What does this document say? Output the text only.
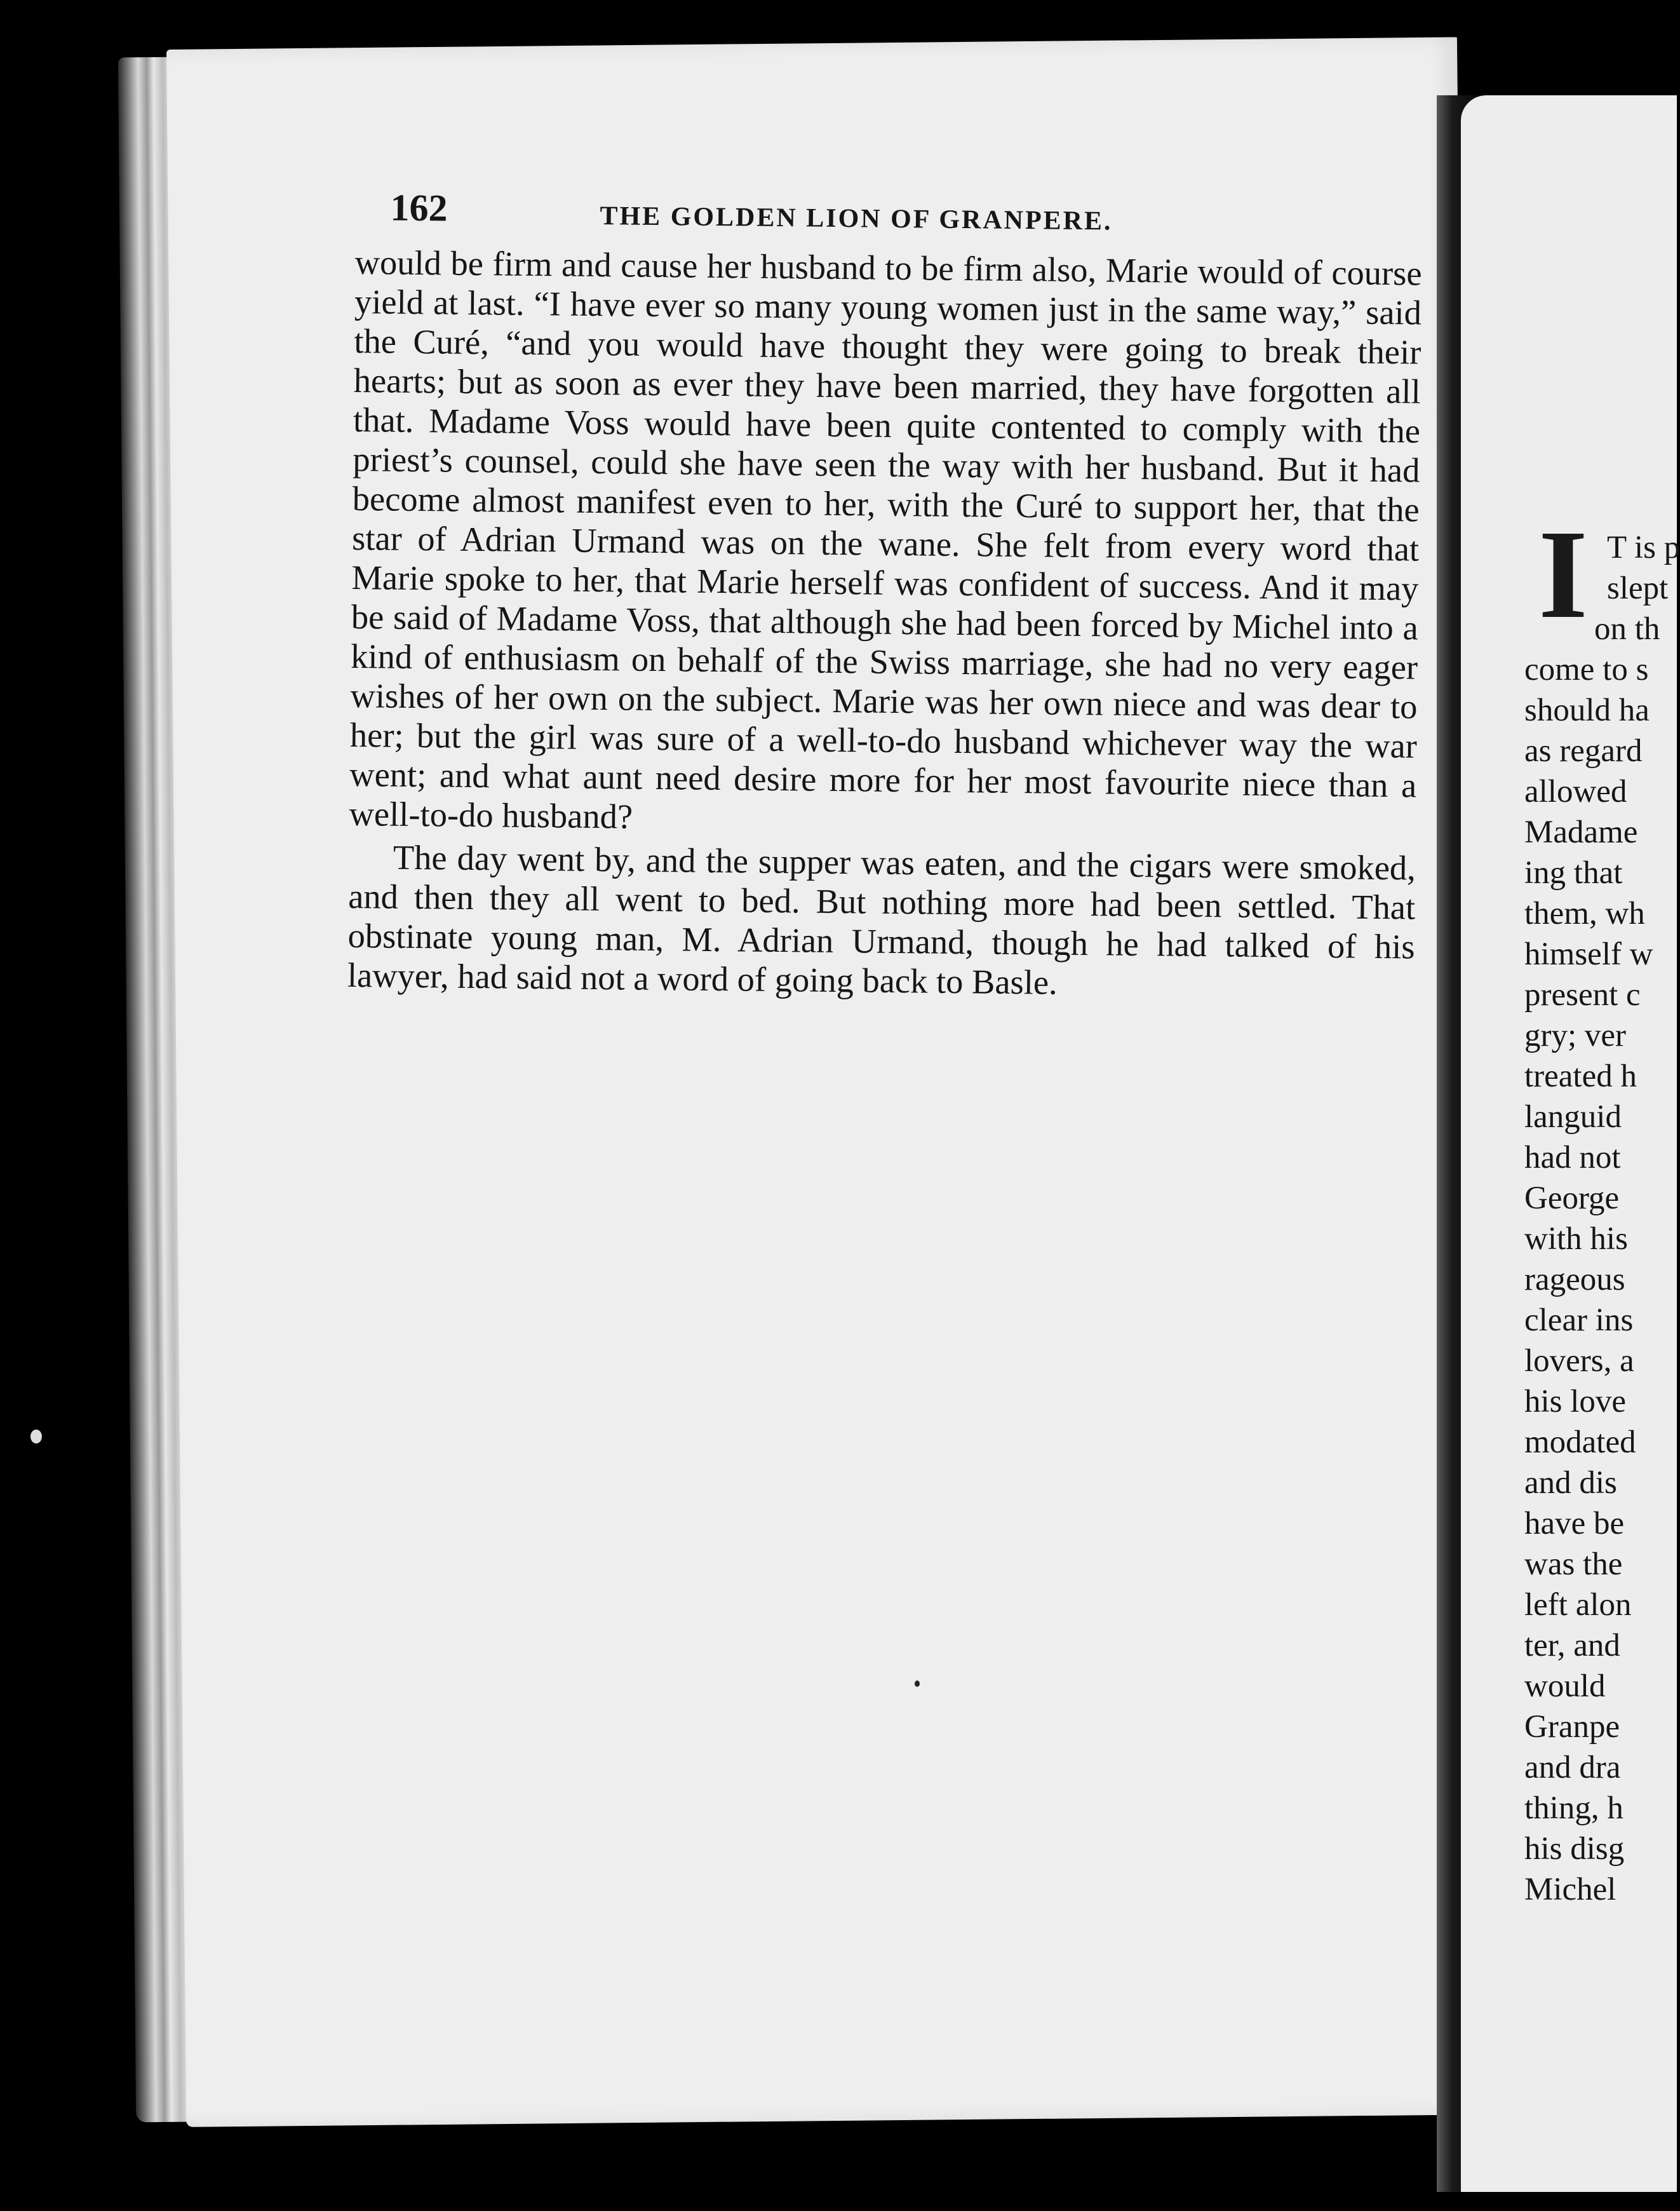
162	THE GOLDEN LION OF GRANPERE.

would be firm and cause her husband to be firm also, Marie would of course yield at last. “I have ever so many young women just in the same way,” said the Curé, “and you would have thought they were going to break their hearts; but as soon as ever they have been married, they have forgotten all that. Madame Voss would have been quite contented to comply with the priest’s counsel, could she have seen the way with her husband. But it had become almost manifest even to her, with the Curé to support her, that the star of Adrian Urmand was on the wane. She felt from every word that Marie spoke to her, that Marie herself was confident of success. And it may be said of Madame Voss, that although she had been forced by Michel into a kind of enthusiasm on behalf of the Swiss marriage, she had no very eager wishes of her own on the subject. Marie was her own niece and was dear to her; but the girl was sure of a well-to-do husband whichever way the war went; and what aunt need desire more for her most favourite niece than a well-to-do husband?

The day went by, and the supper was eaten, and the cigars were smoked, and then they all went to bed. But nothing more had been settled. That obstinate young man, M. Adrian Urmand, though he had talked of his lawyer, had said not a word of going back to Basle.

I T is p
slept
on th
come to s
should ha
as regard
allowed
Madame
ing that
them, wh
himself w
present c
gry; ver
treated h
languid
had not
George
with his
rageous
clear ins
lovers, a
his love
modated
and dis
have be
was the
left alon
ter, and
would
Granpe
and dra
thing, h
his disg
Michel
